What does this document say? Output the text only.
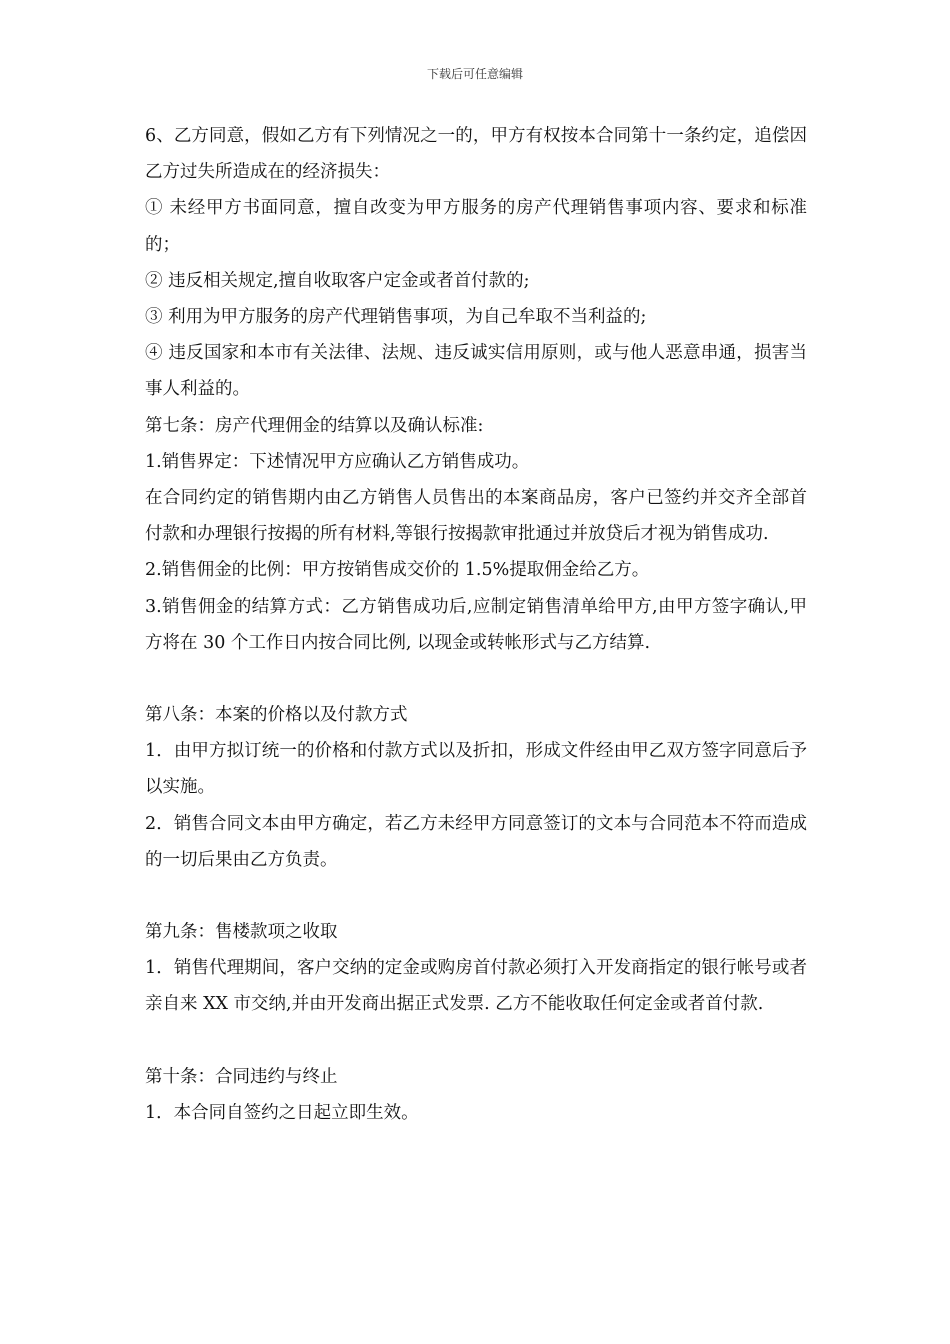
下载后可任意编辑

6、乙方同意，假如乙方有下列情况之一的，甲方有权按本合同第十一条约定，追偿因乙方过失所造成在的经济损失：

① 未经甲方书面同意，擅自改变为甲方服务的房产代理销售事项内容、要求和标准的；

② 违反相关规定,擅自收取客户定金或者首付款的;

③ 利用为甲方服务的房产代理销售事项，为自己牟取不当利益的;

④ 违反国家和本市有关法律、法规、违反诚实信用原则，或与他人恶意串通，损害当事人利益的。

第七条：房产代理佣金的结算以及确认标准:

1.销售界定：下述情况甲方应确认乙方销售成功。

在合同约定的销售期内由乙方销售人员售出的本案商品房，客户已签约并交齐全部首付款和办理银行按揭的所有材料,等银行按揭款审批通过并放贷后才视为销售成功.

2.销售佣金的比例：甲方按销售成交价的 1.5%提取佣金给乙方。

3.销售佣金的结算方式：乙方销售成功后,应制定销售清单给甲方,由甲方签字确认,甲方将在 30 个工作日内按合同比例, 以现金或转帐形式与乙方结算.

第八条：本案的价格以及付款方式

1．由甲方拟订统一的价格和付款方式以及折扣，形成文件经由甲乙双方签字同意后予以实施。

2．销售合同文本由甲方确定，若乙方未经甲方同意签订的文本与合同范本不符而造成的一切后果由乙方负责。

第九条：售楼款项之收取

1．销售代理期间，客户交纳的定金或购房首付款必须打入开发商指定的银行帐号或者亲自来 XX 市交纳,并由开发商出据正式发票. 乙方不能收取任何定金或者首付款.

第十条：合同违约与终止

1．本合同自签约之日起立即生效。
